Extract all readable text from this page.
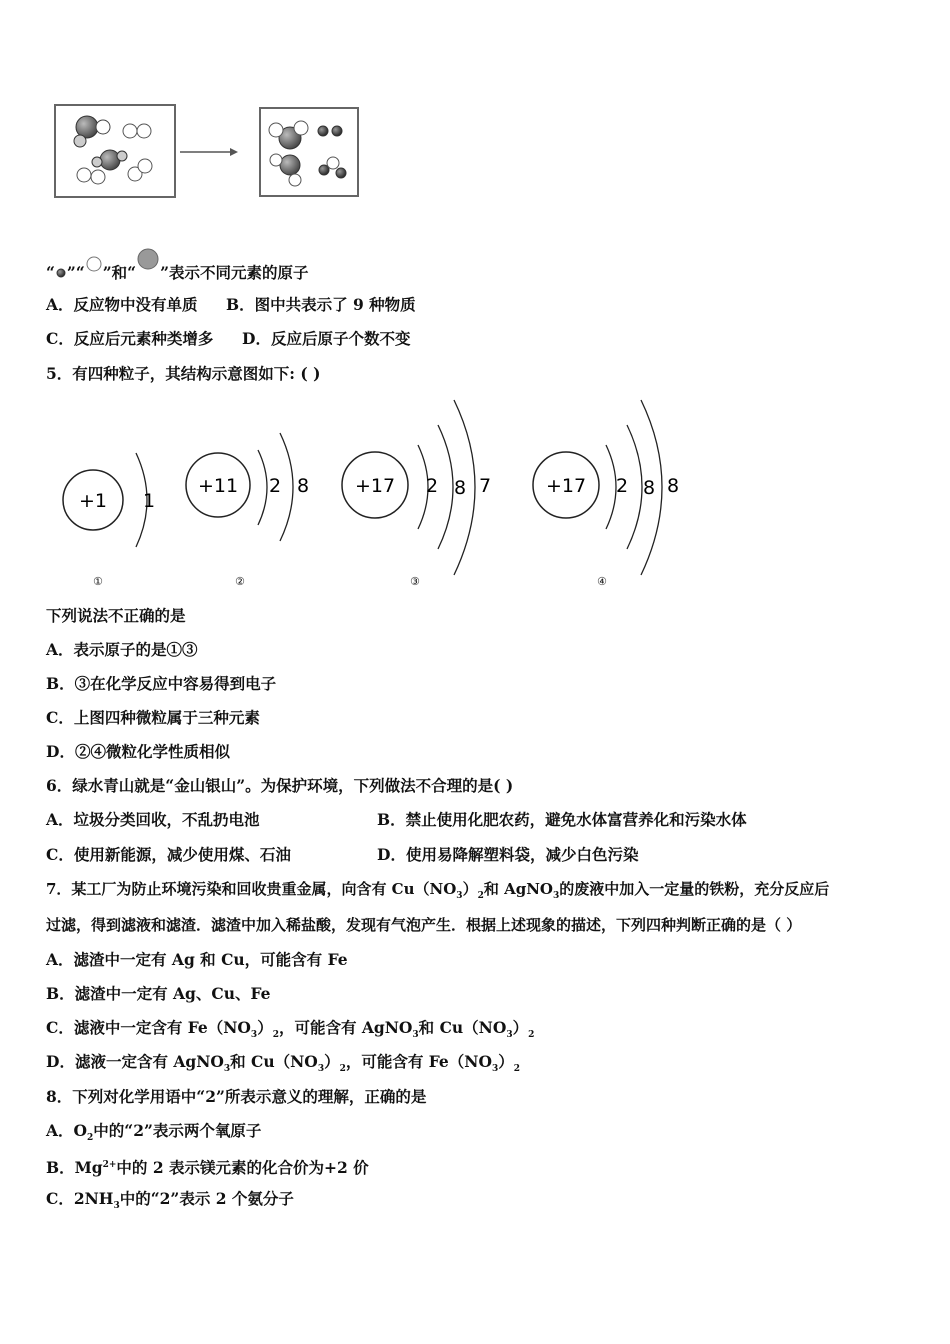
“ ”“ ”和“ ”表示不同元素的原子
A．反应物中没有单质 B．图中共表示了 9 种物质
C．反应后元素种类增多 D．反应后原子个数不变
5．有四种粒子，其结构示意图如下: ( )
+1 1
+11 2 8 +17 2 8 7	+17 2 8 8
①	②	③	④
下列说法不正确的是
A．表示原子的是①③
B．③在化学反应中容易得到电子
C．上图四种微粒属于三种元素
D．②④微粒化学性质相似
6．绿水青山就是“金山银山”。为保护环境，下列做法不合理的是( )
A．垃圾分类回收，不乱扔电池	B．禁止使用化肥农药，避免水体富营养化和污染水体
C．使用新能源，减少使用煤、石油	D．使用易降解塑料袋，减少白色污染
7．某工厂为防止环境污染和回收贵重金属，向含有 $Cu(NO_3)_2$和 AgNO$_3$的废液中加入一定量的铁粉，充分反应后
过滤，得到滤液和滤渣．滤渣中加入稀盐酸，发现有气泡产生．根据上述现象的描述，下列四种判断正确的是（ ）
A．滤渣中一定有 Ag 和 Cu，可能含有 Fe
B．滤渣中一定有 Ag、Cu、Fe
C．滤液中一定含有 $Fe(NO_3)_2$，可能含有 AgNO$_3$和 $Cu(NO_3)_2$
D．滤液一定含有 AgNO$_3$和 $Cu(NO_3)_2$，可能含有 $Fe(NO_3)_2$
8．下列对化学用语中“2”所表示意义的理解，正确的是
A．$O_2$中的“2”表示两个氧原子
B．$Mg^{2+}$中的 2 表示镁元素的化合价为+2 价
C．$2NH_3$中的“2”表示 2 个氨分子
